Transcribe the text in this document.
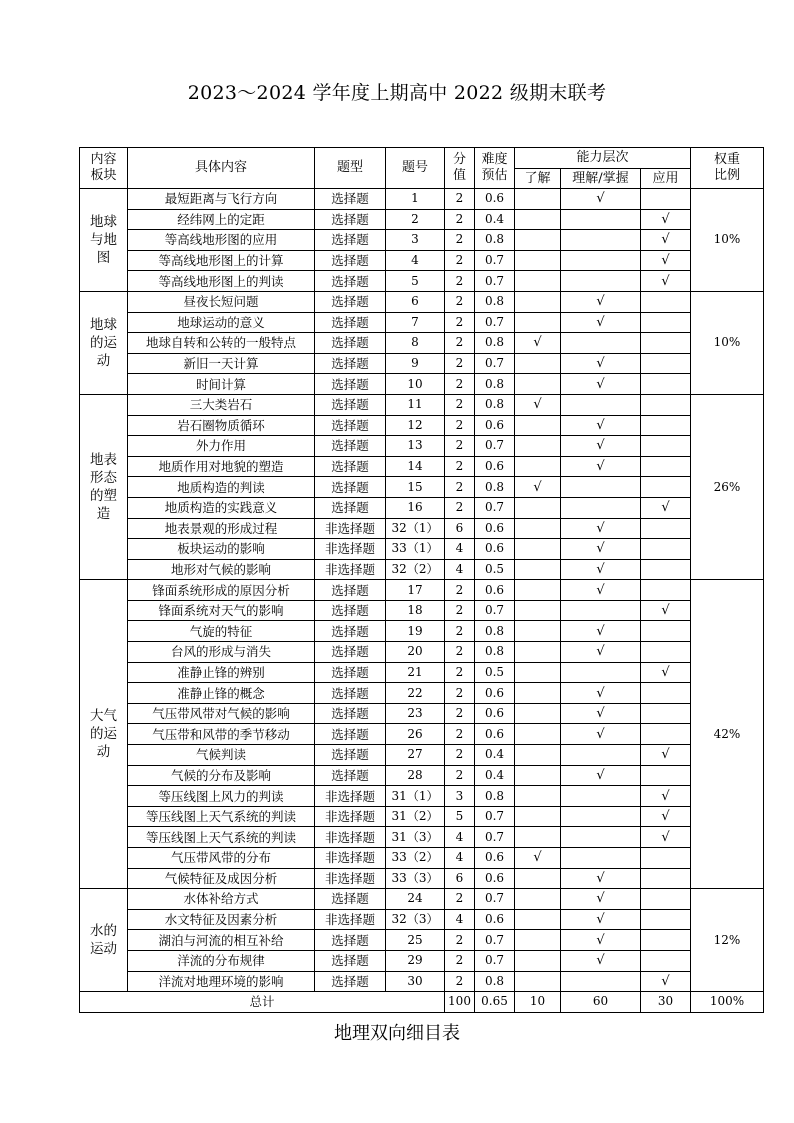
2023～2024 学年度上期高中 2022 级期末联考
内容板块	具体内容	题型	题号	分值	难度预估	能力层次			权重比例
						了解	理解/掌握	应用	
地球与地图	最短距离与飞行方向	选择题	1	2	0.6		√		10%
	经纬网上的定距	选择题	2	2	0.4			√	
	等高线地形图的应用	选择题	3	2	0.8			√	
	等高线地形图上的计算	选择题	4	2	0.7			√	
	等高线地形图上的判读	选择题	5	2	0.7			√	
地球的运动	昼夜长短问题	选择题	6	2	0.8		√		10%
	地球运动的意义	选择题	7	2	0.7		√		
	地球自转和公转的一般特点	选择题	8	2	0.8	√			
	新旧一天计算	选择题	9	2	0.7		√		
	时间计算	选择题	10	2	0.8		√		
地表形态的塑造	三大类岩石	选择题	11	2	0.8	√			26%
	岩石圈物质循环	选择题	12	2	0.6		√		
	外力作用	选择题	13	2	0.7		√		
	地质作用对地貌的塑造	选择题	14	2	0.6		√		
	地质构造的判读	选择题	15	2	0.8	√			
	地质构造的实践意义	选择题	16	2	0.7			√	
	地表景观的形成过程	非选择题	32（1）	6	0.6		√		
	板块运动的影响	非选择题	33（1）	4	0.6		√		
	地形对气候的影响	非选择题	32（2）	4	0.5		√		
大气的运动	锋面系统形成的原因分析	选择题	17	2	0.6		√		42%
	锋面系统对天气的影响	选择题	18	2	0.7			√	
	气旋的特征	选择题	19	2	0.8		√		
	台风的形成与消失	选择题	20	2	0.8		√		
	准静止锋的辨别	选择题	21	2	0.5			√	
	准静止锋的概念	选择题	22	2	0.6		√		
	气压带风带对气候的影响	选择题	23	2	0.6		√		
	气压带和风带的季节移动	选择题	26	2	0.6		√		
	气候判读	选择题	27	2	0.4			√	
	气候的分布及影响	选择题	28	2	0.4		√		
	等压线图上风力的判读	非选择题	31（1）	3	0.8			√	
	等压线图上天气系统的判读	非选择题	31（2）	5	0.7			√	
	等压线图上天气系统的判读	非选择题	31（3）	4	0.7			√	
	气压带风带的分布	非选择题	33（2）	4	0.6	√			
	气候特征及成因分析	非选择题	33（3）	6	0.6		√		
水的运动	水体补给方式	选择题	24	2	0.7		√		12%
	水文特征及因素分析	非选择题	32（3）	4	0.6		√		
	湖泊与河流的相互补给	选择题	25	2	0.7		√		
	洋流的分布规律	选择题	29	2	0.7		√		
	洋流对地理环境的影响	选择题	30	2	0.8			√	
总计				100	0.65	10	60	30	100%
地理双向细目表
